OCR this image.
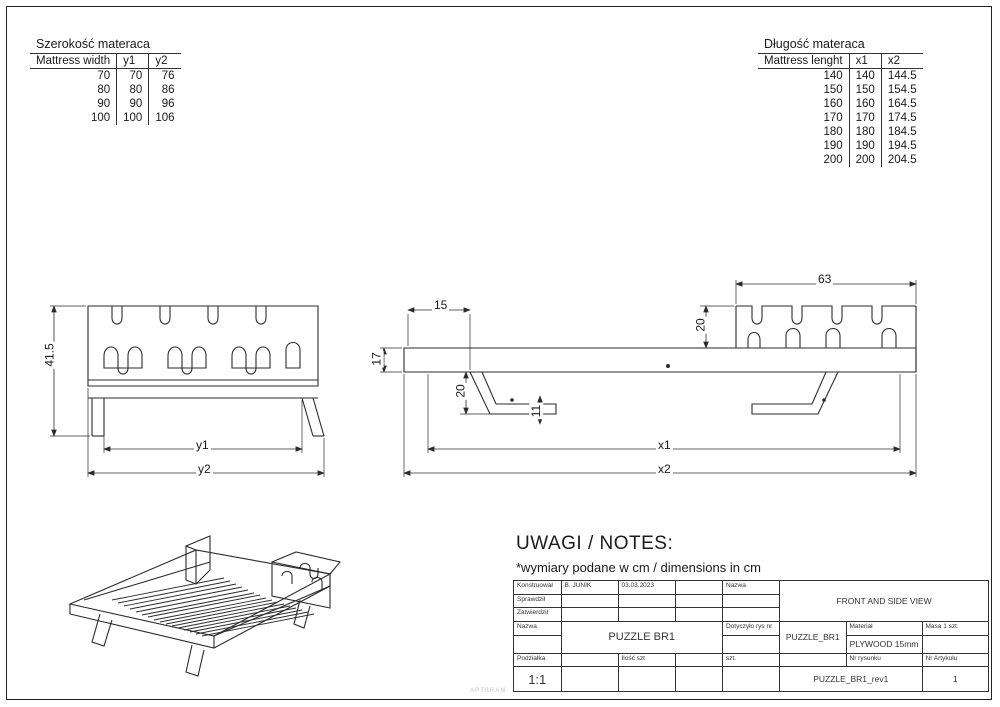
Szerokość materaca		
Mattress width	y1	y2
70	70	76
80	80	86
90	90	96
100	100	106
Długość materaca		
Mattress lenght	x1	x2
140	140	144.5
150	150	154.5
160	160	164.5
170	170	174.5
180	180	184.5
190	190	194.5
200	200	204.5
41.5
y1
y2
15
17
20
20
11
63
x1
x2
UWAGI / NOTES:
*wymiary podane w cm / dimensions in cm
Konstruował	B. JUNIK	03.03.2023		Nazwa	FRONT AND SIDE VIEW		
Sprawdził							
Zatwierdził							
Nazwa	PUZZLE BR1			Dotyczyło rys nr	PUZZLE_BR1	Materiał	Masa 1 szt.
						PLYWOOD 15mm	
Podziałka		Ilość szt		szt.		Nr rysunku	Nr Artykułu
1:1					PUZZLE_BR1_rev1		1
ARTBRAM
